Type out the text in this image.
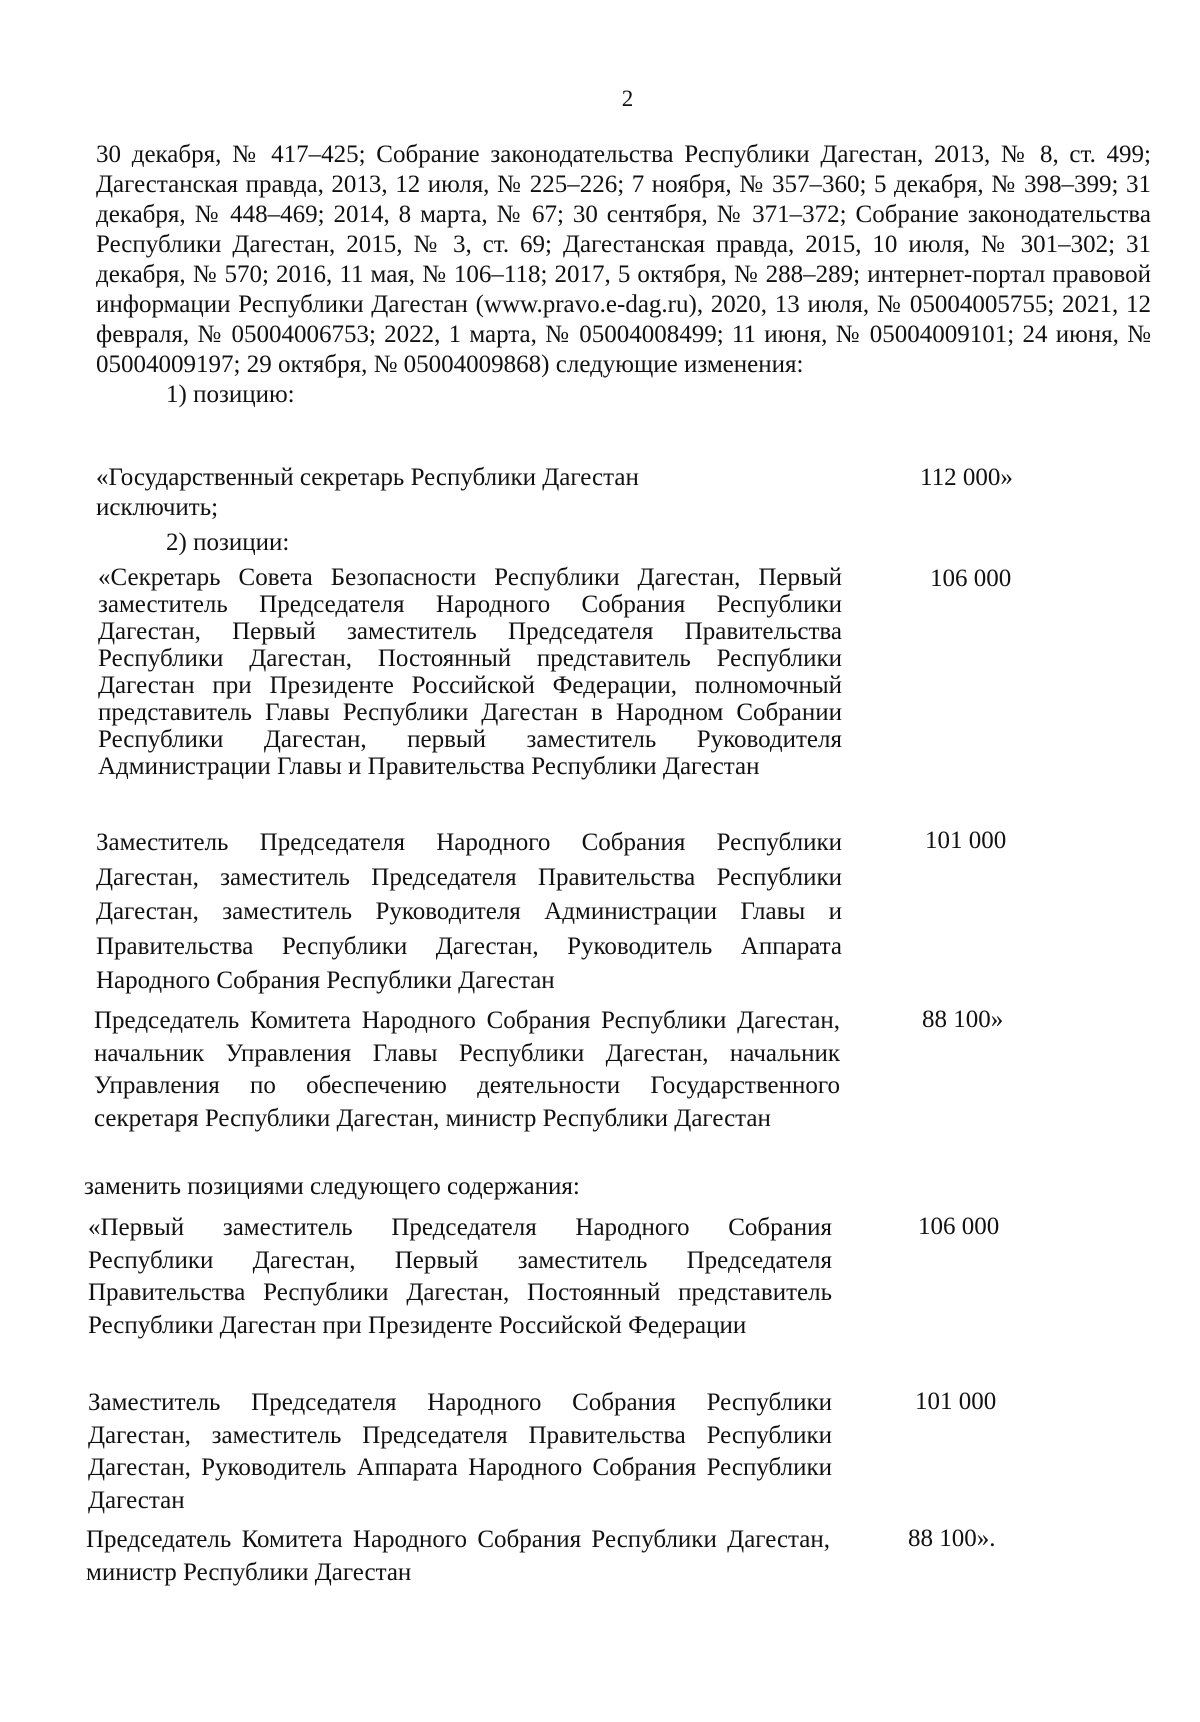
2

30 декабря, № 417–425; Собрание законодательства Республики Дагестан, 2013, № 8, ст. 499; Дагестанская правда, 2013, 12 июля, № 225–226; 7 ноября, № 357–360; 5 декабря, № 398–399; 31 декабря, № 448–469; 2014, 8 марта, № 67; 30 сентября, № 371–372; Собрание законодательства Республики Дагестан, 2015, № 3, ст. 69; Дагестанская правда, 2015, 10 июля, № 301–302; 31 декабря, № 570; 2016, 11 мая, № 106–118; 2017, 5 октября, № 288–289; интернет-портал правовой информации Республики Дагестан (www.pravo.e-dag.ru), 2020, 13 июля, № 05004005755; 2021, 12 февраля, № 05004006753; 2022, 1 марта, № 05004008499; 11 июня, № 05004009101; 24 июня, № 05004009197; 29 октября, № 05004009868) следующие изменения:

1) позицию:

«Государственный секретарь Республики Дагестан	112 000»
исключить;
2) позиции:
«Секретарь Совета Безопасности Республики Дагестан, Первый заместитель Председателя Народного Собрания Республики Дагестан, Первый заместитель Председателя Правительства Республики Дагестан, Постоянный представитель Республики Дагестан при Президенте Российской Федерации, полномочный представитель Главы Республики Дагестан в Народном Собрании Республики Дагестан, первый заместитель Руководителя Администрации Главы и Правительства Республики Дагестан
106 000
Заместитель Председателя Народного Собрания Республики Дагестан, заместитель Председателя Правительства Республики Дагестан, заместитель Руководителя Администрации Главы и Правительства Республики Дагестан, Руководитель Аппарата Народного Собрания Республики Дагестан
101 000
Председатель Комитета Народного Собрания Республики Дагестан, начальник Управления Главы Республики Дагестан, начальник Управления по обеспечению деятельности Государственного секретаря Республики Дагестан, министр Республики Дагестан
88 100»
заменить позициями следующего содержания:
«Первый заместитель Председателя Народного Собрания Республики Дагестан, Первый заместитель Председателя Правительства Республики Дагестан, Постоянный представитель Республики Дагестан при Президенте Российской Федерации
106 000
Заместитель Председателя Народного Собрания Республики Дагестан, заместитель Председателя Правительства Республики Дагестан, Руководитель Аппарата Народного Собрания Республики Дагестан
101 000
Председатель Комитета Народного Собрания Республики Дагестан, министр Республики Дагестан
88 100».
